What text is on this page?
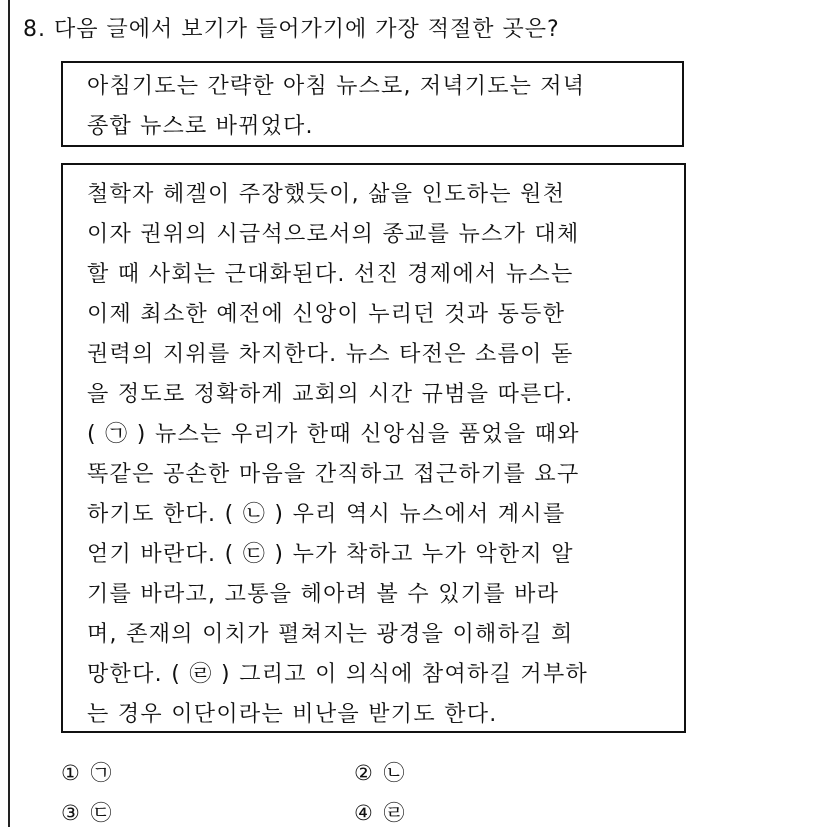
8. 다음 글에서 보기가 들어가기에 가장 적절한 곳은?
아침기도는 간략한 아침 뉴스로, 저녁기도는 저녁
종합 뉴스로 바뀌었다.
철학자 헤겔이 주장했듯이, 삶을 인도하는 원천
이자 권위의 시금석으로서의 종교를 뉴스가 대체
할 때 사회는 근대화된다. 선진 경제에서 뉴스는
이제 최소한 예전에 신앙이 누리던 것과 동등한
권력의 지위를 차지한다. 뉴스 타전은 소름이 돋
을 정도로 정확하게 교회의 시간 규범을 따른다.
( ㉠ ) 뉴스는 우리가 한때 신앙심을 품었을 때와
똑같은 공손한 마음을 간직하고 접근하기를 요구
하기도 한다. ( ㉡ ) 우리 역시 뉴스에서 계시를
얻기 바란다. ( ㉢ ) 누가 착하고 누가 악한지 알
기를 바라고, 고통을 헤아려 볼 수 있기를 바라
며, 존재의 이치가 펼쳐지는 광경을 이해하길 희
망한다. ( ㉣ ) 그리고 이 의식에 참여하길 거부하
는 경우 이단이라는 비난을 받기도 한다.
① ㉠	② ㉡
③ ㉢	④ ㉣
